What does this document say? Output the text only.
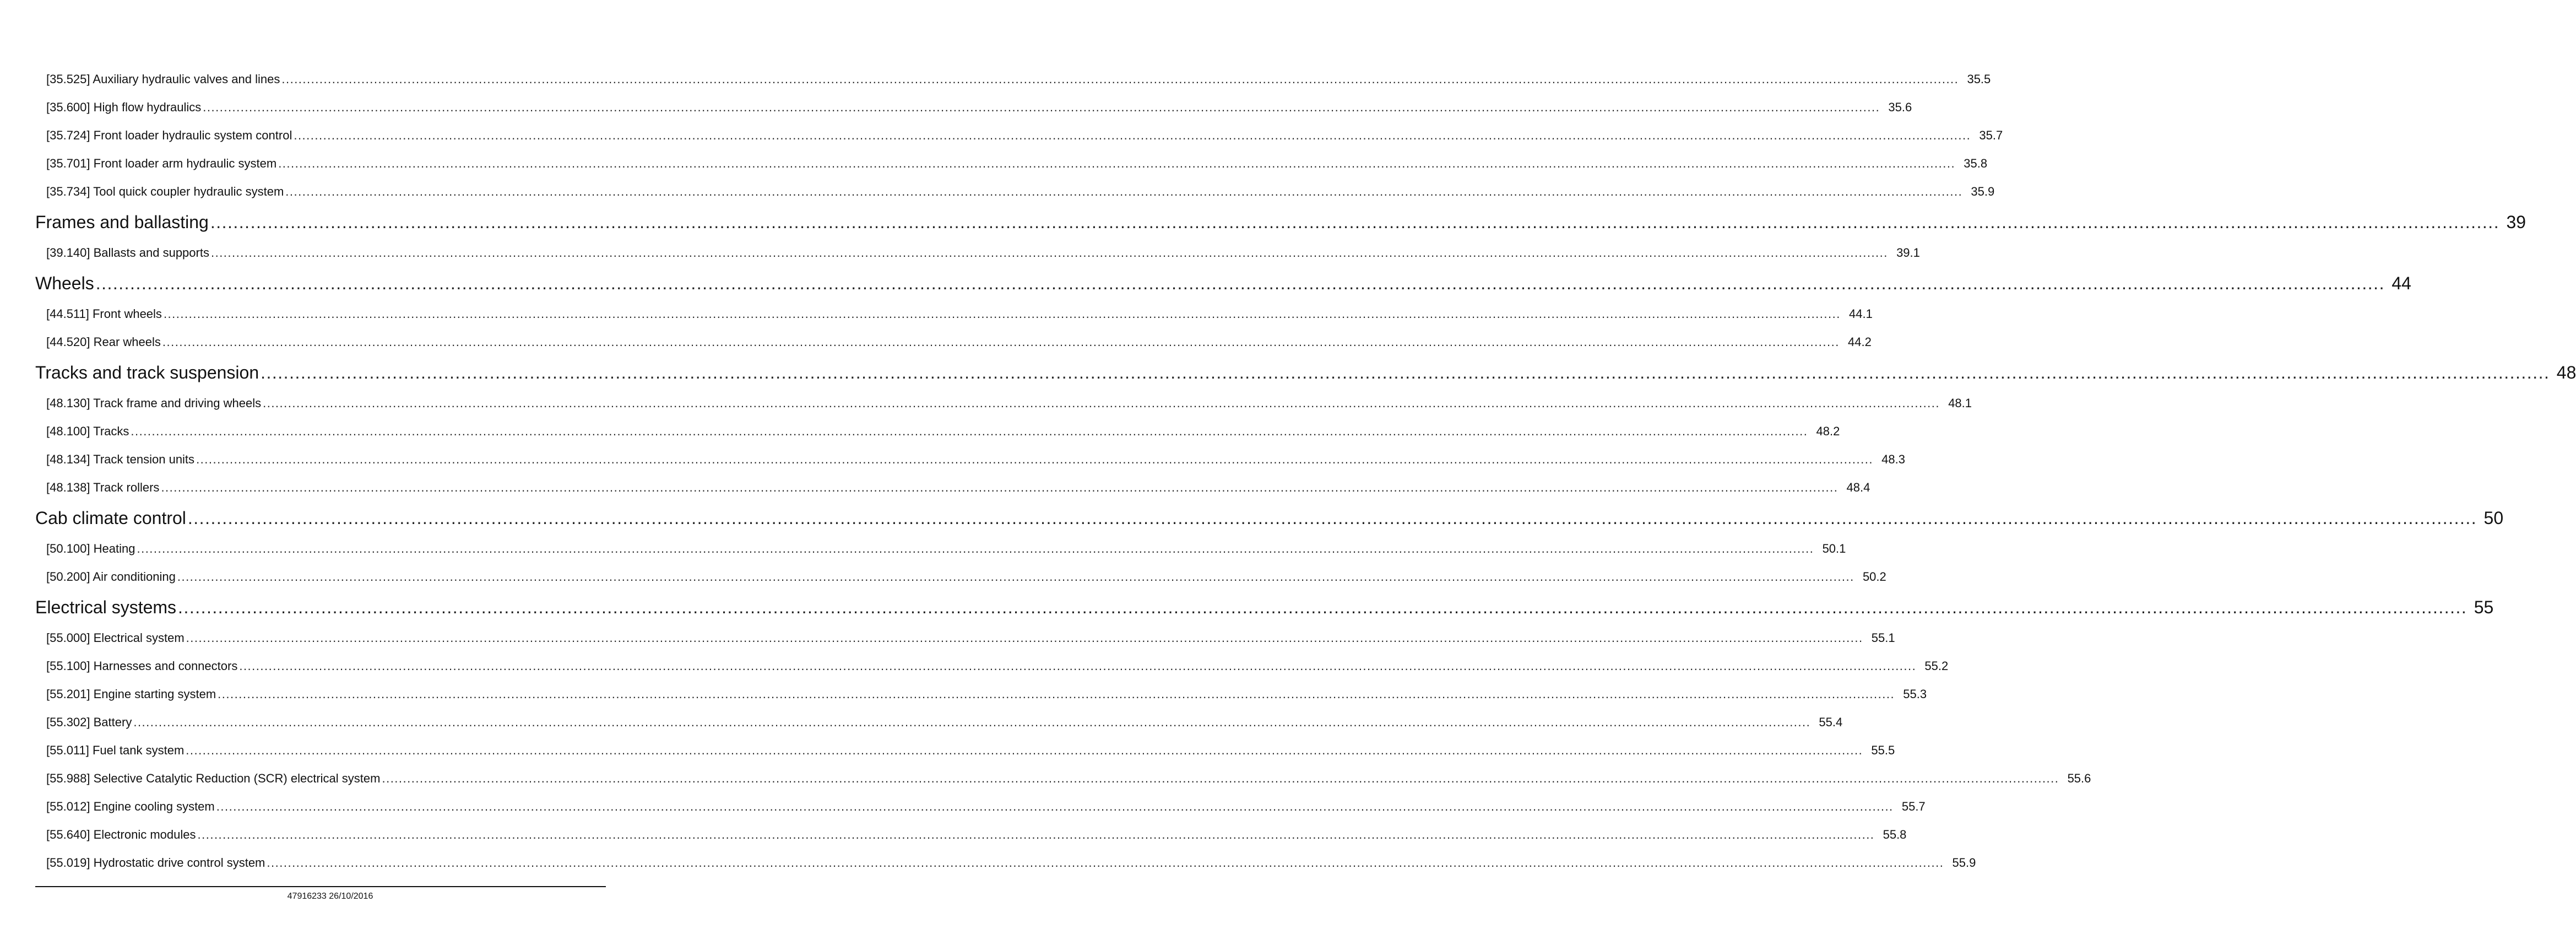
[35.525] Auxiliary hydraulic valves and lines ................................................................................................................................................................................................................................................................................................................................................................................................................ 35.5
[35.600] High flow hydraulics ................................................................................................................................................................................................................................................................................................................................................................................................................ 35.6
[35.724] Front loader hydraulic system control ................................................................................................................................................................................................................................................................................................................................................................................................................ 35.7
[35.701] Front loader arm hydraulic system ................................................................................................................................................................................................................................................................................................................................................................................................................ 35.8
[35.734] Tool quick coupler hydraulic system ................................................................................................................................................................................................................................................................................................................................................................................................................ 35.9
Frames and ballasting ................................................................................................................................................................................................................................................................................................................................................................................................................ 39
[39.140] Ballasts and supports ................................................................................................................................................................................................................................................................................................................................................................................................................ 39.1
Wheels ................................................................................................................................................................................................................................................................................................................................................................................................................ 44
[44.511] Front wheels ................................................................................................................................................................................................................................................................................................................................................................................................................ 44.1
[44.520] Rear wheels ................................................................................................................................................................................................................................................................................................................................................................................................................ 44.2
Tracks and track suspension ................................................................................................................................................................................................................................................................................................................................................................................................................ 48
[48.130] Track frame and driving wheels ................................................................................................................................................................................................................................................................................................................................................................................................................ 48.1
[48.100] Tracks ................................................................................................................................................................................................................................................................................................................................................................................................................ 48.2
[48.134] Track tension units ................................................................................................................................................................................................................................................................................................................................................................................................................ 48.3
[48.138] Track rollers ................................................................................................................................................................................................................................................................................................................................................................................................................ 48.4
Cab climate control ................................................................................................................................................................................................................................................................................................................................................................................................................ 50
[50.100] Heating ................................................................................................................................................................................................................................................................................................................................................................................................................ 50.1
[50.200] Air conditioning ................................................................................................................................................................................................................................................................................................................................................................................................................ 50.2
Electrical systems ................................................................................................................................................................................................................................................................................................................................................................................................................ 55
[55.000] Electrical system ................................................................................................................................................................................................................................................................................................................................................................................................................ 55.1
[55.100] Harnesses and connectors ................................................................................................................................................................................................................................................................................................................................................................................................................ 55.2
[55.201] Engine starting system ................................................................................................................................................................................................................................................................................................................................................................................................................ 55.3
[55.302] Battery ................................................................................................................................................................................................................................................................................................................................................................................................................ 55.4
[55.011] Fuel tank system ................................................................................................................................................................................................................................................................................................................................................................................................................ 55.5
[55.988] Selective Catalytic Reduction (SCR) electrical system ................................................................................................................................................................................................................................................................................................................................................................................................................ 55.6
[55.012] Engine cooling system ................................................................................................................................................................................................................................................................................................................................................................................................................ 55.7
[55.640] Electronic modules ................................................................................................................................................................................................................................................................................................................................................................................................................ 55.8
[55.019] Hydrostatic drive control system ................................................................................................................................................................................................................................................................................................................................................................................................................ 55.9
47916233 26/10/2016
